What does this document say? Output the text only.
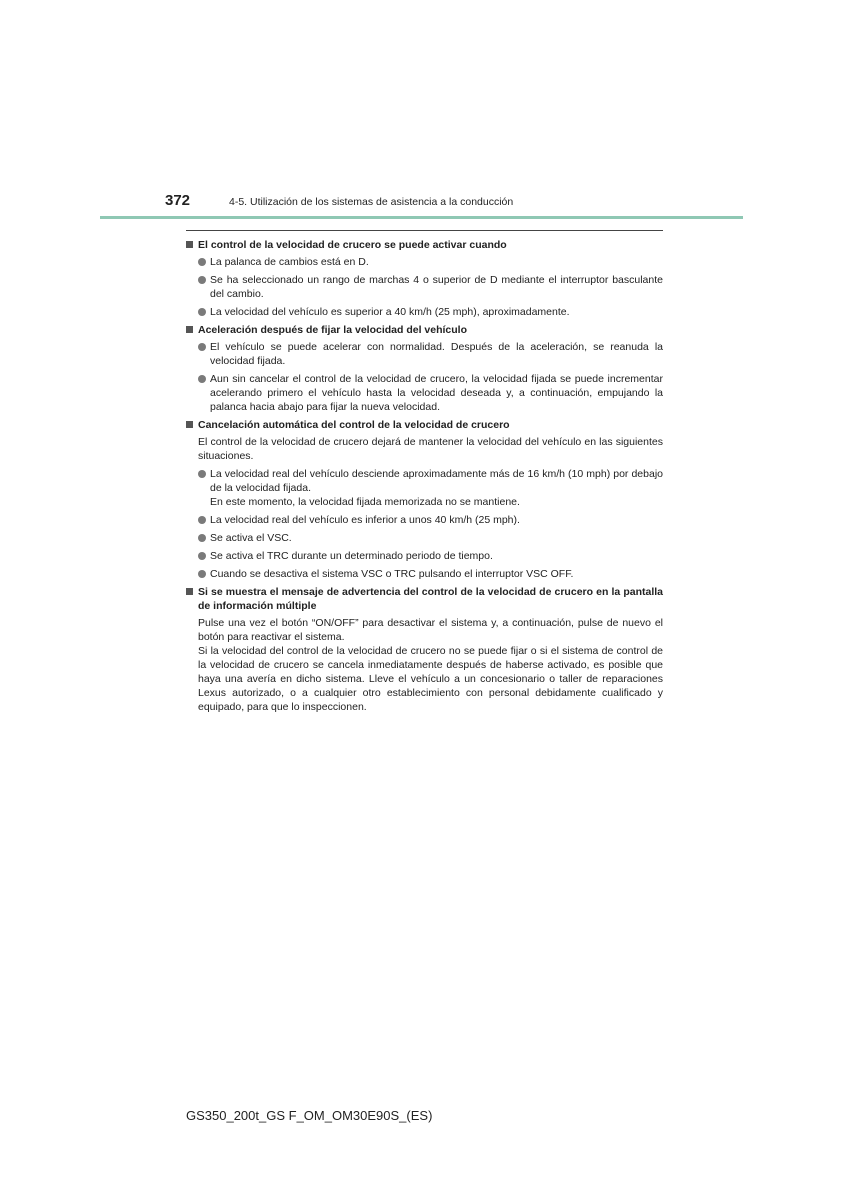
372	4-5. Utilización de los sistemas de asistencia a la conducción
El control de la velocidad de crucero se puede activar cuando
La palanca de cambios está en D.
Se ha seleccionado un rango de marchas 4 o superior de D mediante el interruptor basculante del cambio.
La velocidad del vehículo es superior a 40 km/h (25 mph), aproximadamente.
Aceleración después de fijar la velocidad del vehículo
El vehículo se puede acelerar con normalidad. Después de la aceleración, se reanuda la velocidad fijada.
Aun sin cancelar el control de la velocidad de crucero, la velocidad fijada se puede incrementar acelerando primero el vehículo hasta la velocidad deseada y, a continuación, empujando la palanca hacia abajo para fijar la nueva velocidad.
Cancelación automática del control de la velocidad de crucero
El control de la velocidad de crucero dejará de mantener la velocidad del vehículo en las siguientes situaciones.
La velocidad real del vehículo desciende aproximadamente más de 16 km/h (10 mph) por debajo de la velocidad fijada.
En este momento, la velocidad fijada memorizada no se mantiene.
La velocidad real del vehículo es inferior a unos 40 km/h (25 mph).
Se activa el VSC.
Se activa el TRC durante un determinado periodo de tiempo.
Cuando se desactiva el sistema VSC o TRC pulsando el interruptor VSC OFF.
Si se muestra el mensaje de advertencia del control de la velocidad de crucero en la pantalla de información múltiple
Pulse una vez el botón “ON/OFF” para desactivar el sistema y, a continuación, pulse de nuevo el botón para reactivar el sistema.
Si la velocidad del control de la velocidad de crucero no se puede fijar o si el sistema de control de la velocidad de crucero se cancela inmediatamente después de haberse activado, es posible que haya una avería en dicho sistema. Lleve el vehículo a un concesionario o taller de reparaciones Lexus autorizado, o a cualquier otro establecimiento con personal debidamente cualificado y equipado, para que lo inspeccionen.
GS350_200t_GS F_OM_OM30E90S_(ES)
